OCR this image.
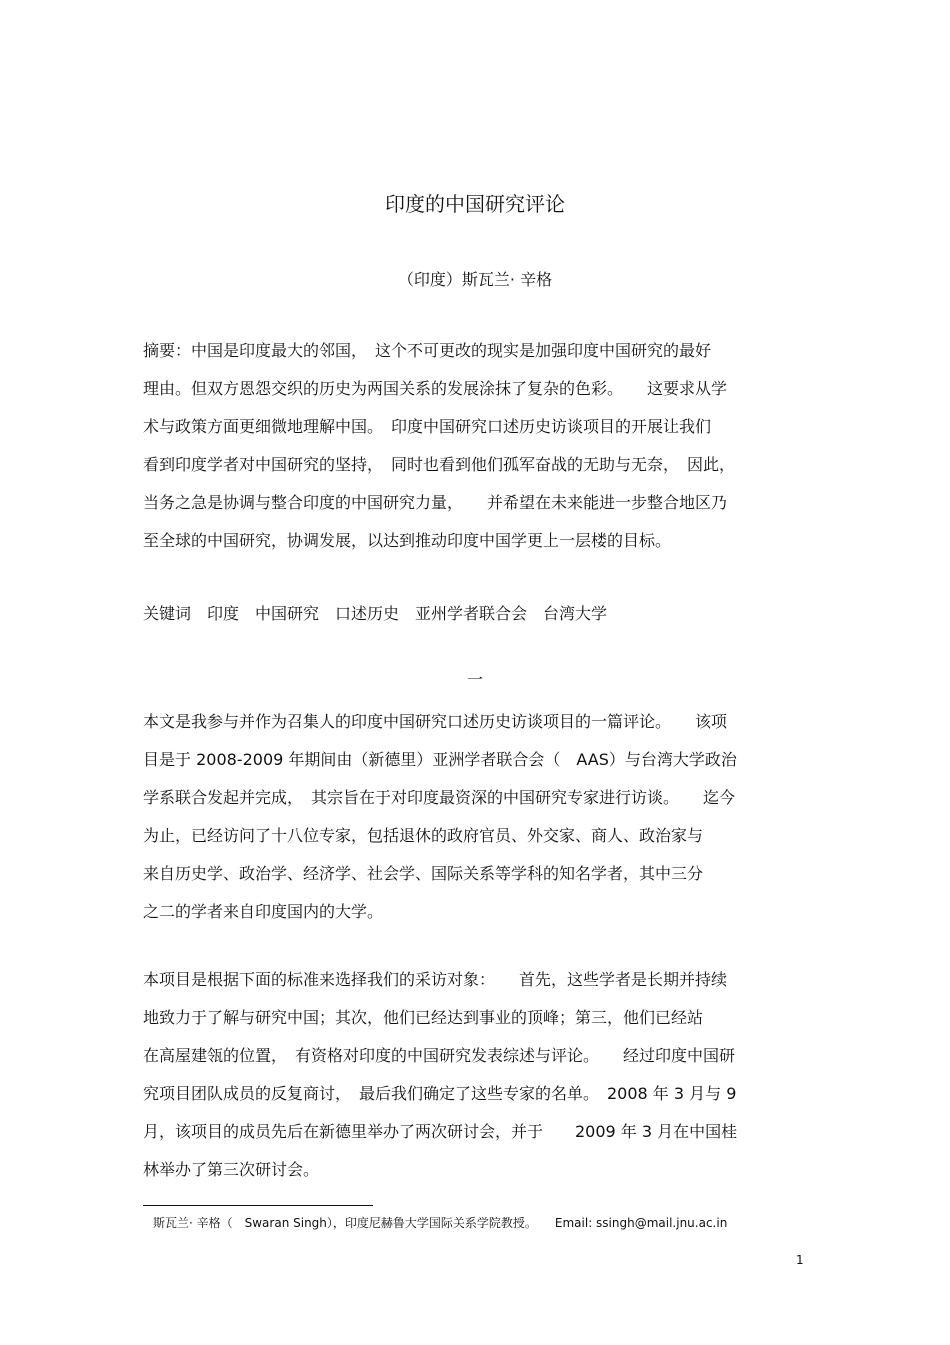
印度的中国研究评论
（印度）斯瓦兰· 辛格
摘要：中国是印度最大的邻国，　这个不可更改的现实是加强印度中国研究的最好
理由。但双方恩怨交织的历史为两国关系的发展涂抹了复杂的色彩。　　这要求从学
术与政策方面更细微地理解中国。　印度中国研究口述历史访谈项目的开展让我们
看到印度学者对中国研究的坚持，　同时也看到他们孤军奋战的无助与无奈，　因此，
当务之急是协调与整合印度的中国研究力量，　　并希望在未来能进一步整合地区乃
至全球的中国研究，协调发展，以达到推动印度中国学更上一层楼的目标。
关键词　印度　中国研究　口述历史　亚州学者联合会　台湾大学
一
本文是我参与并作为召集人的印度中国研究口述历史访谈项目的一篇评论。　　该项
目是于 2008-2009 年期间由（新德里）亚洲学者联合会（　AAS）与台湾大学政治
学系联合发起并完成，　其宗旨在于对印度最资深的中国研究专家进行访谈。　　迄今
为止，已经访问了十八位专家，包括退休的政府官员、外交家、商人、政治家与
来自历史学、政治学、经济学、社会学、国际关系等学科的知名学者，其中三分
之二的学者来自印度国内的大学。
本项目是根据下面的标准来选择我们的采访对象：　　首先，这些学者是长期并持续
地致力于了解与研究中国；其次，他们已经达到事业的顶峰；第三，他们已经站
在高屋建瓴的位置，　有资格对印度的中国研究发表综述与评论。　　经过印度中国研
究项目团队成员的反复商讨，　最后我们确定了这些专家的名单。　2008 年 3 月与 9
月，该项目的成员先后在新德里举办了两次研讨会，并于　　2009 年 3 月在中国桂
林举办了第三次研讨会。
斯瓦兰· 辛格（　Swaran Singh），印度尼赫鲁大学国际关系学院教授。　　Email: ssingh@mail.jnu.ac.in
1
